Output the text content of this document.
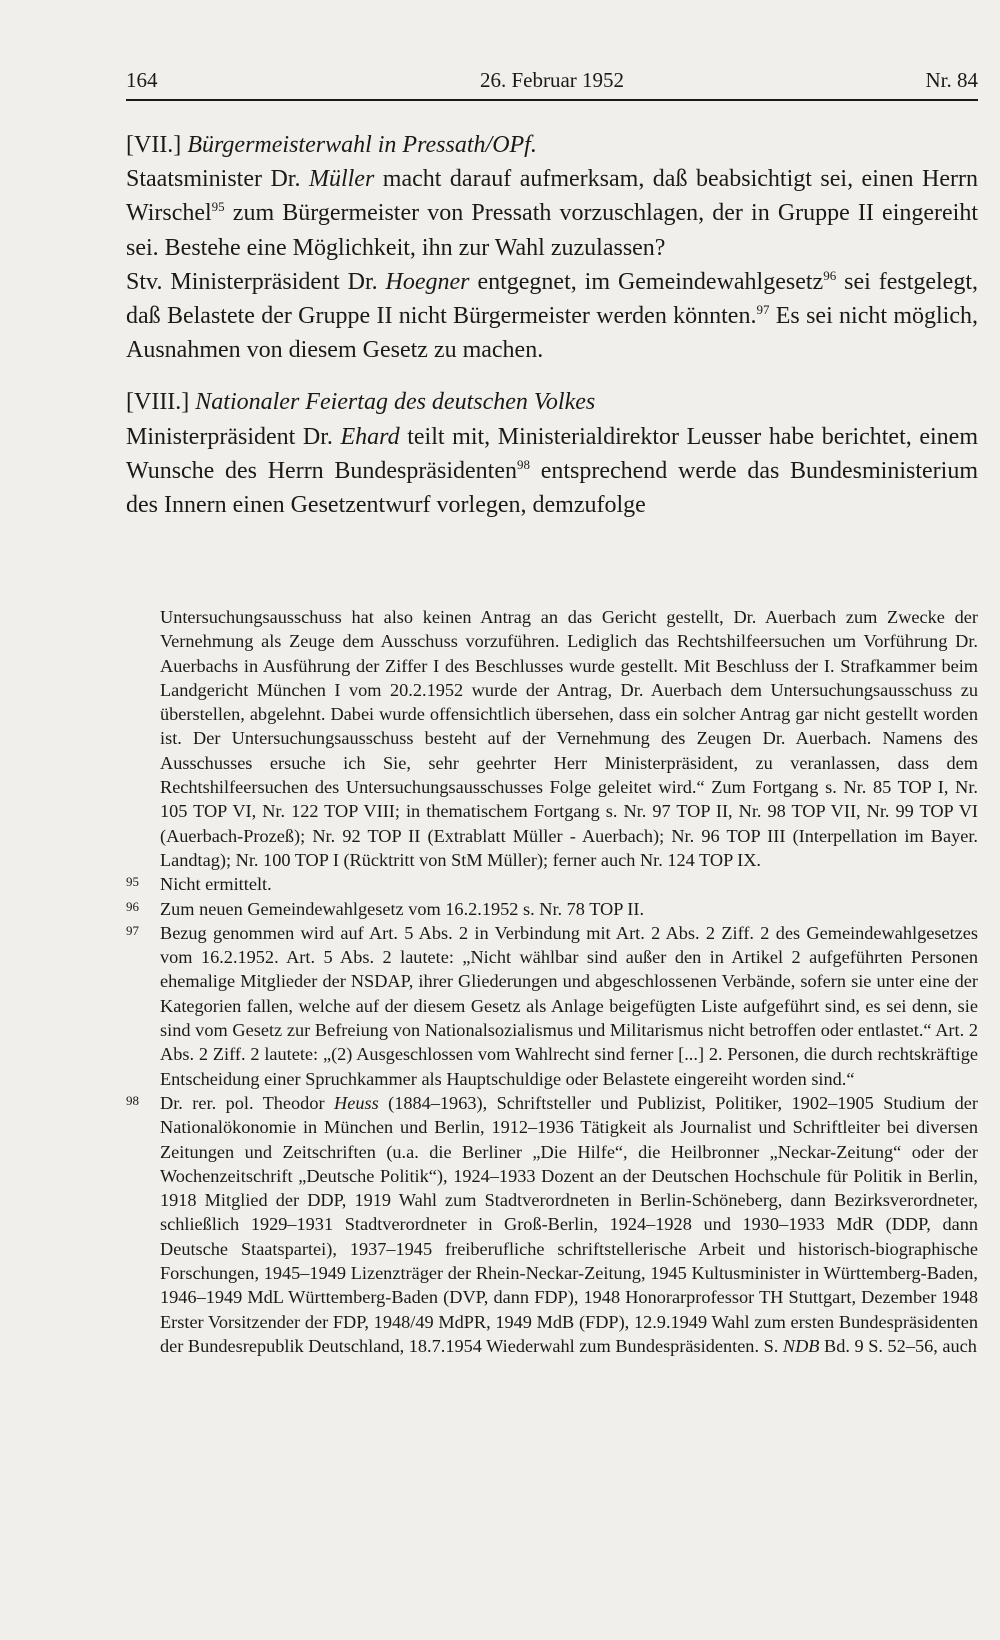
164	26. Februar 1952	Nr. 84

[VII.] Bürgermeisterwahl in Pressath/OPf.

Staatsminister Dr. Müller macht darauf aufmerksam, daß beabsichtigt sei, einen Herrn Wirschel$^{95}$ zum Bürgermeister von Pressath vorzuschlagen, der in Gruppe II eingereiht sei. Bestehe eine Möglichkeit, ihn zur Wahl zuzulassen?

Stv. Ministerpräsident Dr. Hoegner entgegnet, im Gemeindewahlgesetz$^{96}$ sei festgelegt, daß Belastete der Gruppe II nicht Bürgermeister werden könnten.$^{97}$ Es sei nicht möglich, Ausnahmen von diesem Gesetz zu machen.

[VIII.] Nationaler Feiertag des deutschen Volkes

Ministerpräsident Dr. Ehard teilt mit, Ministerialdirektor Leusser habe berichtet, einem Wunsche des Herrn Bundespräsidenten$^{98}$ entsprechend werde das Bundesministerium des Innern einen Gesetzentwurf vorlegen, demzufolge

Untersuchungsausschuss hat also keinen Antrag an das Gericht gestellt, Dr. Auerbach zum Zwecke der Vernehmung als Zeuge dem Ausschuss vorzuführen. Lediglich das Rechtshilfeersuchen um Vorführung Dr. Auerbachs in Ausführung der Ziffer I des Beschlusses wurde gestellt. Mit Beschluss der I. Strafkammer beim Landgericht München I vom 20.2.1952 wurde der Antrag, Dr. Auerbach dem Untersuchungsausschuss zu überstellen, abgelehnt. Dabei wurde offensichtlich übersehen, dass ein solcher Antrag gar nicht gestellt worden ist. Der Untersuchungsausschuss besteht auf der Vernehmung des Zeugen Dr. Auerbach. Namens des Ausschusses ersuche ich Sie, sehr geehrter Herr Ministerpräsident, zu veranlassen, dass dem Rechtshilfeersuchen des Untersuchungsausschusses Folge geleitet wird.“ Zum Fortgang s. Nr. 85 TOP I, Nr. 105 TOP VI, Nr. 122 TOP VIII; in thematischem Fortgang s. Nr. 97 TOP II, Nr. 98 TOP VII, Nr. 99 TOP VI (Auerbach-Prozeß); Nr. 92 TOP II (Extrablatt Müller - Auerbach); Nr. 96 TOP III (Interpellation im Bayer. Landtag); Nr. 100 TOP I (Rücktritt von StM Müller); ferner auch Nr. 124 TOP IX.

95 Nicht ermittelt.

96 Zum neuen Gemeindewahlgesetz vom 16.2.1952 s. Nr. 78 TOP II.

97 Bezug genommen wird auf Art. 5 Abs. 2 in Verbindung mit Art. 2 Abs. 2 Ziff. 2 des Gemeindewahlgesetzes vom 16.2.1952. Art. 5 Abs. 2 lautete: „Nicht wählbar sind außer den in Artikel 2 aufgeführten Personen ehemalige Mitglieder der NSDAP, ihrer Gliederungen und abgeschlossenen Verbände, sofern sie unter eine der Kategorien fallen, welche auf der diesem Gesetz als Anlage beigefügten Liste aufgeführt sind, es sei denn, sie sind vom Gesetz zur Befreiung von Nationalsozialismus und Militarismus nicht betroffen oder entlastet.“ Art. 2 Abs. 2 Ziff. 2 lautete: „(2) Ausgeschlossen vom Wahlrecht sind ferner [...] 2. Personen, die durch rechtskräftige Entscheidung einer Spruchkammer als Hauptschuldige oder Belastete eingereiht worden sind.“

98 Dr. rer. pol. Theodor Heuss (1884–1963), Schriftsteller und Publizist, Politiker, 1902–1905 Studium der Nationalökonomie in München und Berlin, 1912–1936 Tätigkeit als Journalist und Schriftleiter bei diversen Zeitungen und Zeitschriften (u.a. die Berliner „Die Hilfe“, die Heilbronner „Neckar-Zeitung“ oder der Wochenzeitschrift „Deutsche Politik“), 1924–1933 Dozent an der Deutschen Hochschule für Politik in Berlin, 1918 Mitglied der DDP, 1919 Wahl zum Stadtverordneten in Berlin-Schöneberg, dann Bezirksverordneter, schließlich 1929–1931 Stadtverordneter in Groß-Berlin, 1924–1928 und 1930–1933 MdR (DDP, dann Deutsche Staatspartei), 1937–1945 freiberufliche schriftstellerische Arbeit und historisch-biographische Forschungen, 1945–1949 Lizenzträger der Rhein-Neckar-Zeitung, 1945 Kultusminister in Württemberg-Baden, 1946–1949 MdL Württemberg-Baden (DVP, dann FDP), 1948 Honorarprofessor TH Stuttgart, Dezember 1948 Erster Vorsitzender der FDP, 1948/49 MdPR, 1949 MdB (FDP), 12.9.1949 Wahl zum ersten Bundespräsidenten der Bundesrepublik Deutschland, 18.7.1954 Wiederwahl zum Bundespräsidenten. S. NDB Bd. 9 S. 52–56, auch
